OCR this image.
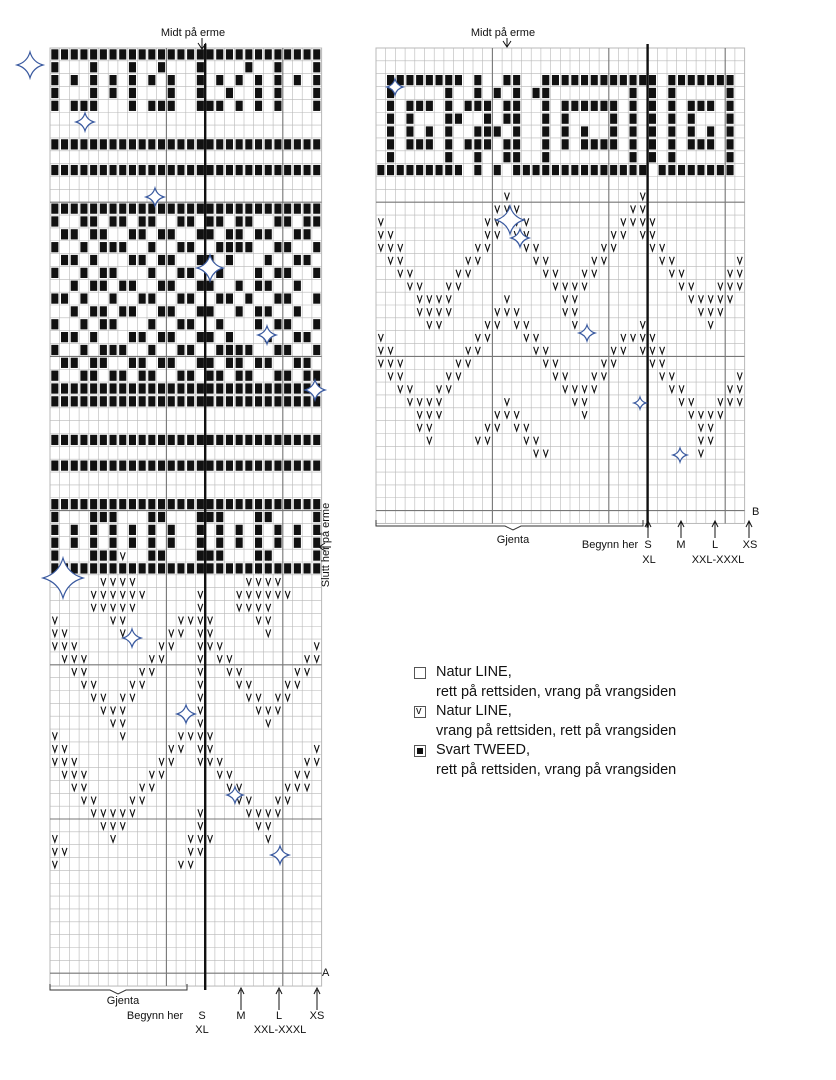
Midt på erme
Slutt her på erme
A
Gjenta
Begynn her S
XL
M	L
XXL-XXXL
XS
Midt på erme
B
Gjenta	Begynn her S
XL
M L
XXL-XXXL
XS
Natur LINE,
rett på rettsiden, vrang på vrangsiden
v
Natur LINE,
vrang på rettsiden, rett på vrangsiden
Svart TWEED,
rett på rettsiden, vrang på vrangsiden
